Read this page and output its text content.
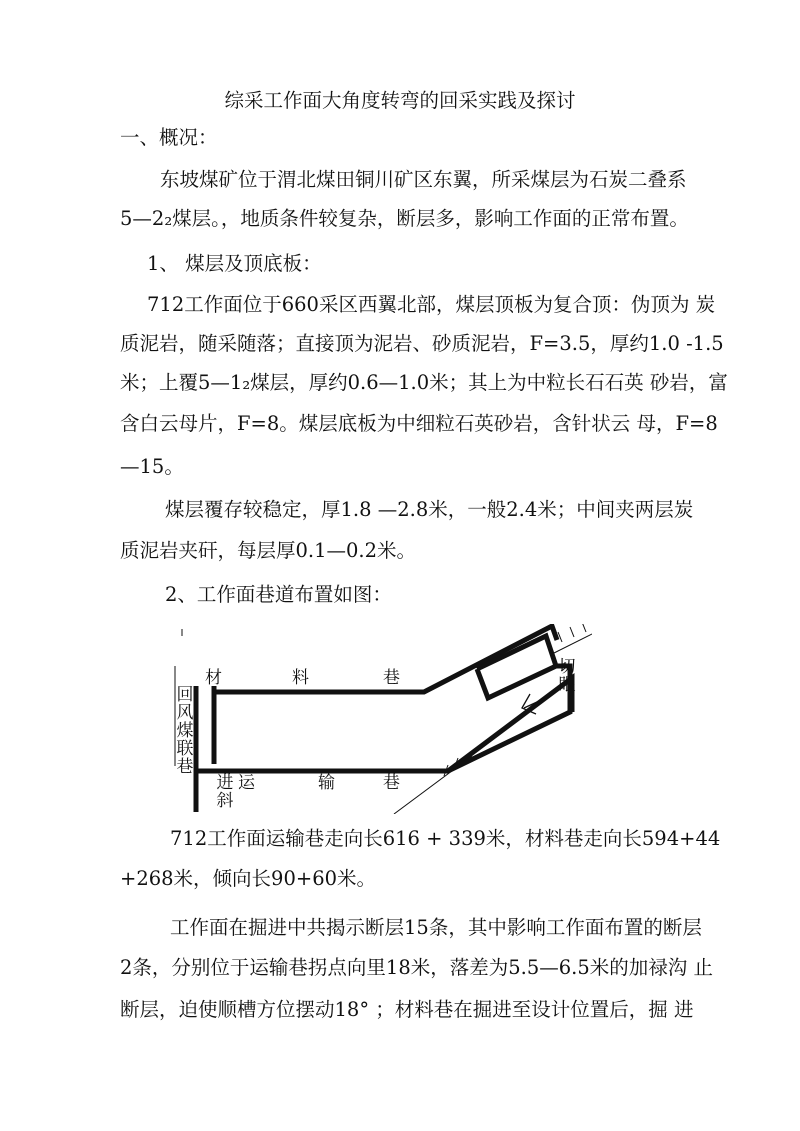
综采工作面大角度转弯的回采实践及探讨
一、概况：
东坡煤矿位于渭北煤田铜川矿区东翼，所采煤层为石炭二叠系
5—2₂煤层。，地质条件较复杂，断层多，影响工作面的正常布置。
1、 煤层及顶底板：
712工作面位于660采区西翼北部，煤层顶板为复合顶：伪顶为 炭
质泥岩，随采随落；直接顶为泥岩、砂质泥岩，F=3.5，厚约1.0 -1.5
米；上覆5—1₂煤层，厚约0.6—1.0米；其上为中粒长石石英 砂岩，富
含白云母片，F=8。煤层底板为中细粒石英砂岩，含针状云 母，F=8
—15。
煤层覆存较稳定，厚1.8 —2.8米，一般2.4米；中间夹两层炭
质泥岩夹矸，每层厚0.1—0.2米。
2、工作面巷道布置如图：
材	料	巷
运	输	巷
回风煤联巷
进斜
切眼
712工作面运输巷走向长616 + 339米，材料巷走向长594+44
+268米，倾向长90+60米。
工作面在掘进中共揭示断层15条，其中影响工作面布置的断层
2条，分别位于运输巷拐点向里18米，落差为5.5—6.5米的加禄沟 止
断层，迫使顺槽方位摆动18° ；材料巷在掘进至设计位置后，掘 进
